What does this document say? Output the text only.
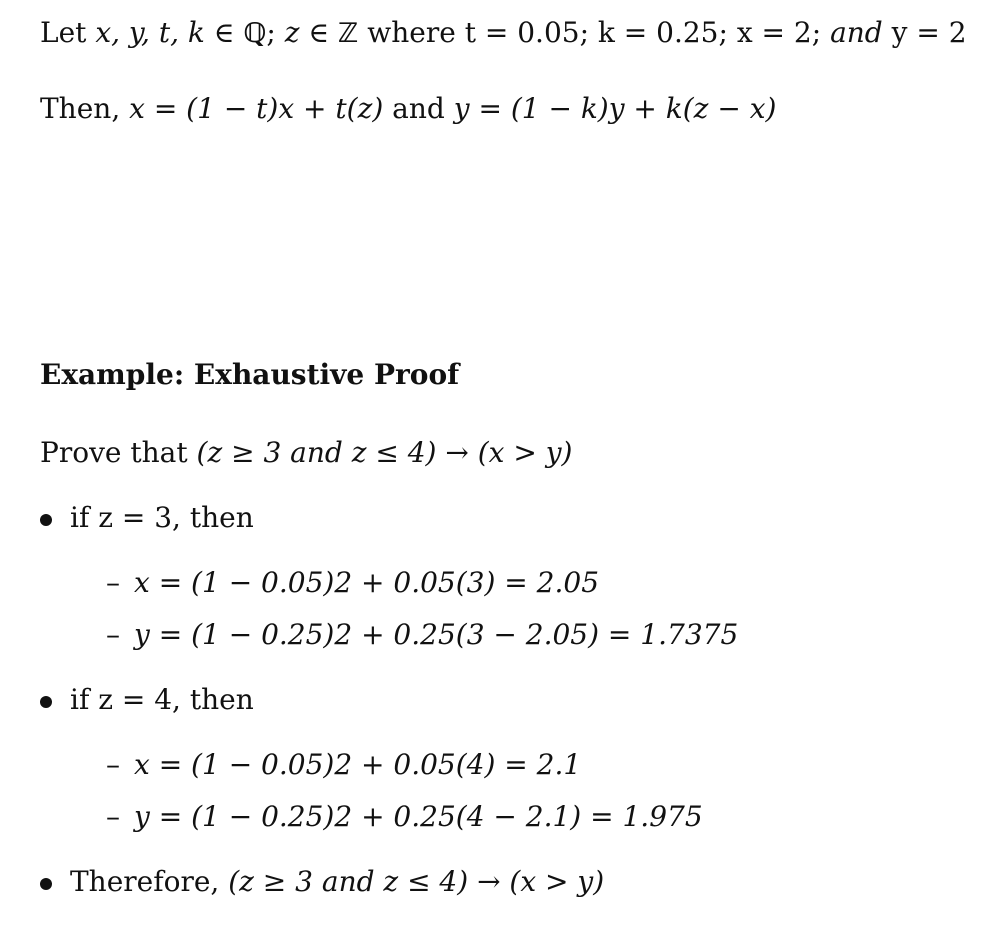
Let x, y, t, k ∈ ℚ; z ∈ ℤ where t = 0.05; k = 0.25; x = 2; and y = 2
Then, x = (1 − t)x + t(z) and y = (1 − k)y + k(z − x)
Example: Exhaustive Proof
Prove that (z ≥ 3 and z ≤ 4) → (x > y)
if z = 3, then
– x = (1 − 0.05)2 + 0.05(3) = 2.05
– y = (1 − 0.25)2 + 0.25(3 − 2.05) = 1.7375
if z = 4, then
– x = (1 − 0.05)2 + 0.05(4) = 2.1
– y = (1 − 0.25)2 + 0.25(4 − 2.1) = 1.975
Therefore, (z ≥ 3 and z ≤ 4) → (x > y)
